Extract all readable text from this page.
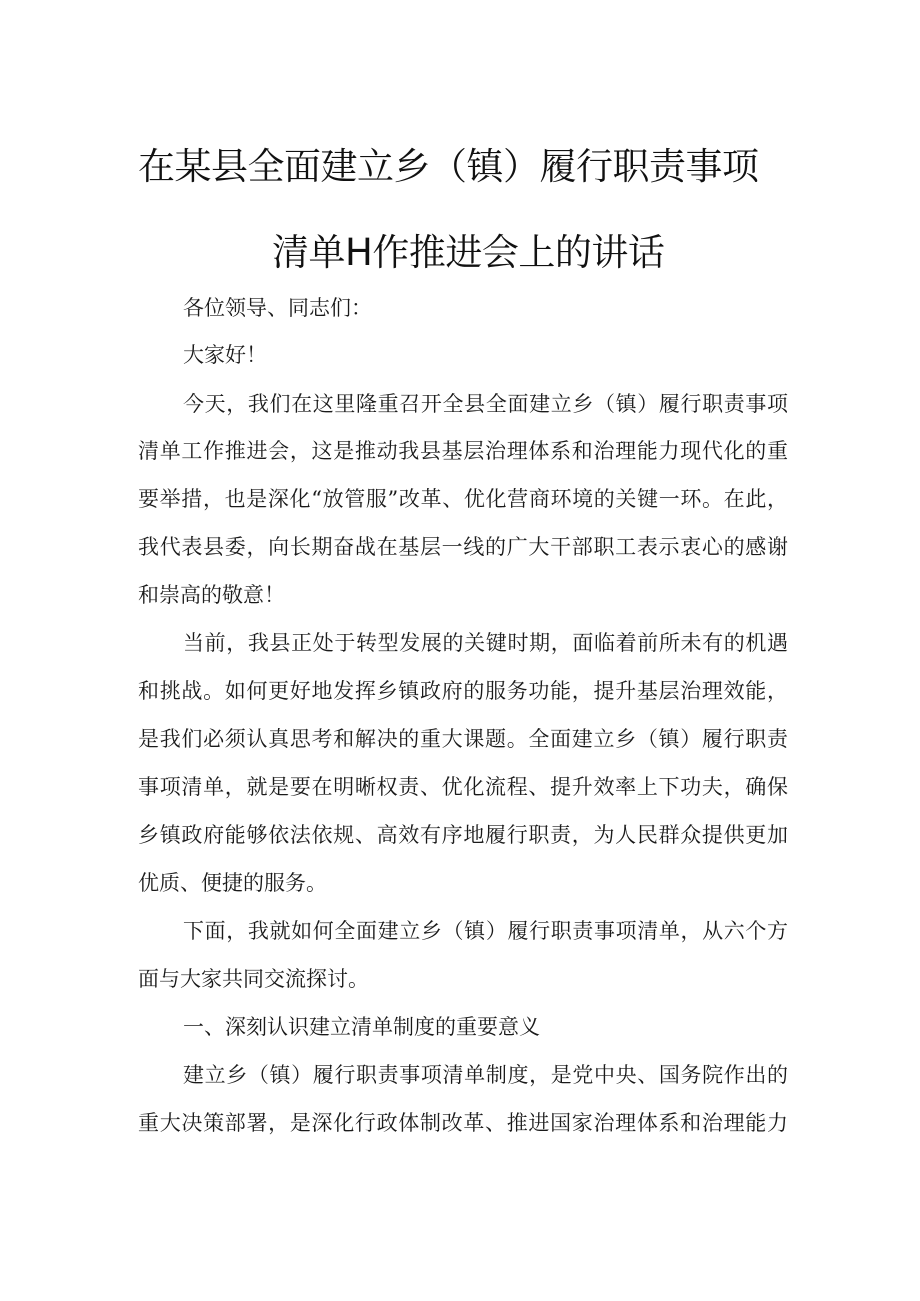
在某县全面建立乡（镇）履行职责事项
清单H作推进会上的讲话

各位领导、同志们：

大家好！

今天，我们在这里隆重召开全县全面建立乡（镇）履行职责事项

清单工作推进会，这是推动我县基层治理体系和治理能力现代化的重

要举措，也是深化“放管服”改革、优化营商环境的关键一环。在此，

我代表县委，向长期奋战在基层一线的广大干部职工表示衷心的感谢

和崇高的敬意！

当前，我县正处于转型发展的关键时期，面临着前所未有的机遇

和挑战。如何更好地发挥乡镇政府的服务功能，提升基层治理效能，

是我们必须认真思考和解决的重大课题。全面建立乡（镇）履行职责

事项清单，就是要在明晰权责、优化流程、提升效率上下功夫，确保

乡镇政府能够依法依规、高效有序地履行职责，为人民群众提供更加

优质、便捷的服务。

下面，我就如何全面建立乡（镇）履行职责事项清单，从六个方

面与大家共同交流探讨。

一、深刻认识建立清单制度的重要意义

建立乡（镇）履行职责事项清单制度，是党中央、国务院作出的

重大决策部署，是深化行政体制改革、推进国家治理体系和治理能力
